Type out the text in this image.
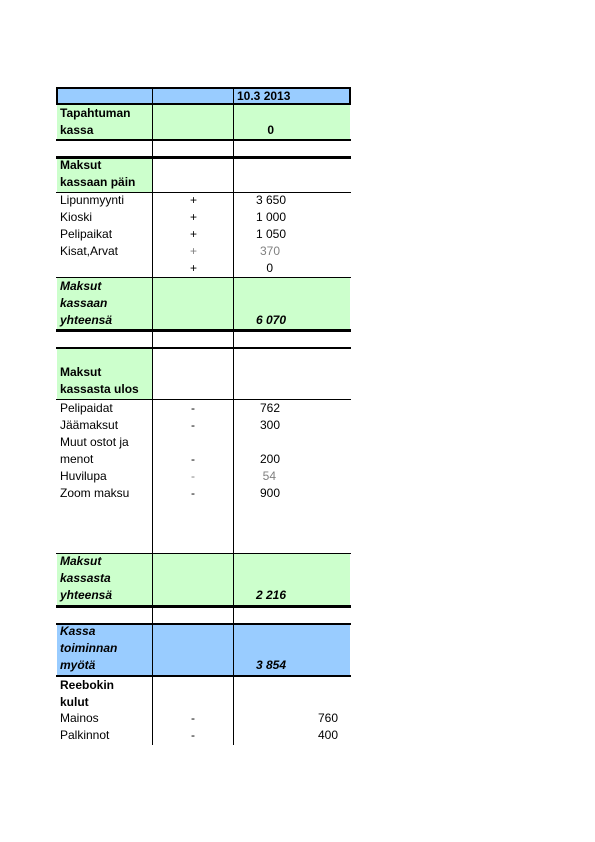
10.3 2013
Tapahtuman
kassa	0
Maksut
kassaan päin
Lipunmyynti	+	3 650
Kioski	+	1 000
Pelipaikat	+	1 050
Kisat,Arvat	+	370
+	0
Maksut
kassaan
yhteensä	6 070
Maksut
kassasta ulos
Pelipaidat	-	762
Jäämaksut	-	300
Muut ostot ja
menot	-	200
Huvilupa	-	54
Zoom maksu	-	900
Maksut
kassasta
yhteensä	2 216
Kassa
toiminnan
myötä	3 854
Reebokin
kulut
Mainos	-	760
Palkinnot	-	400
